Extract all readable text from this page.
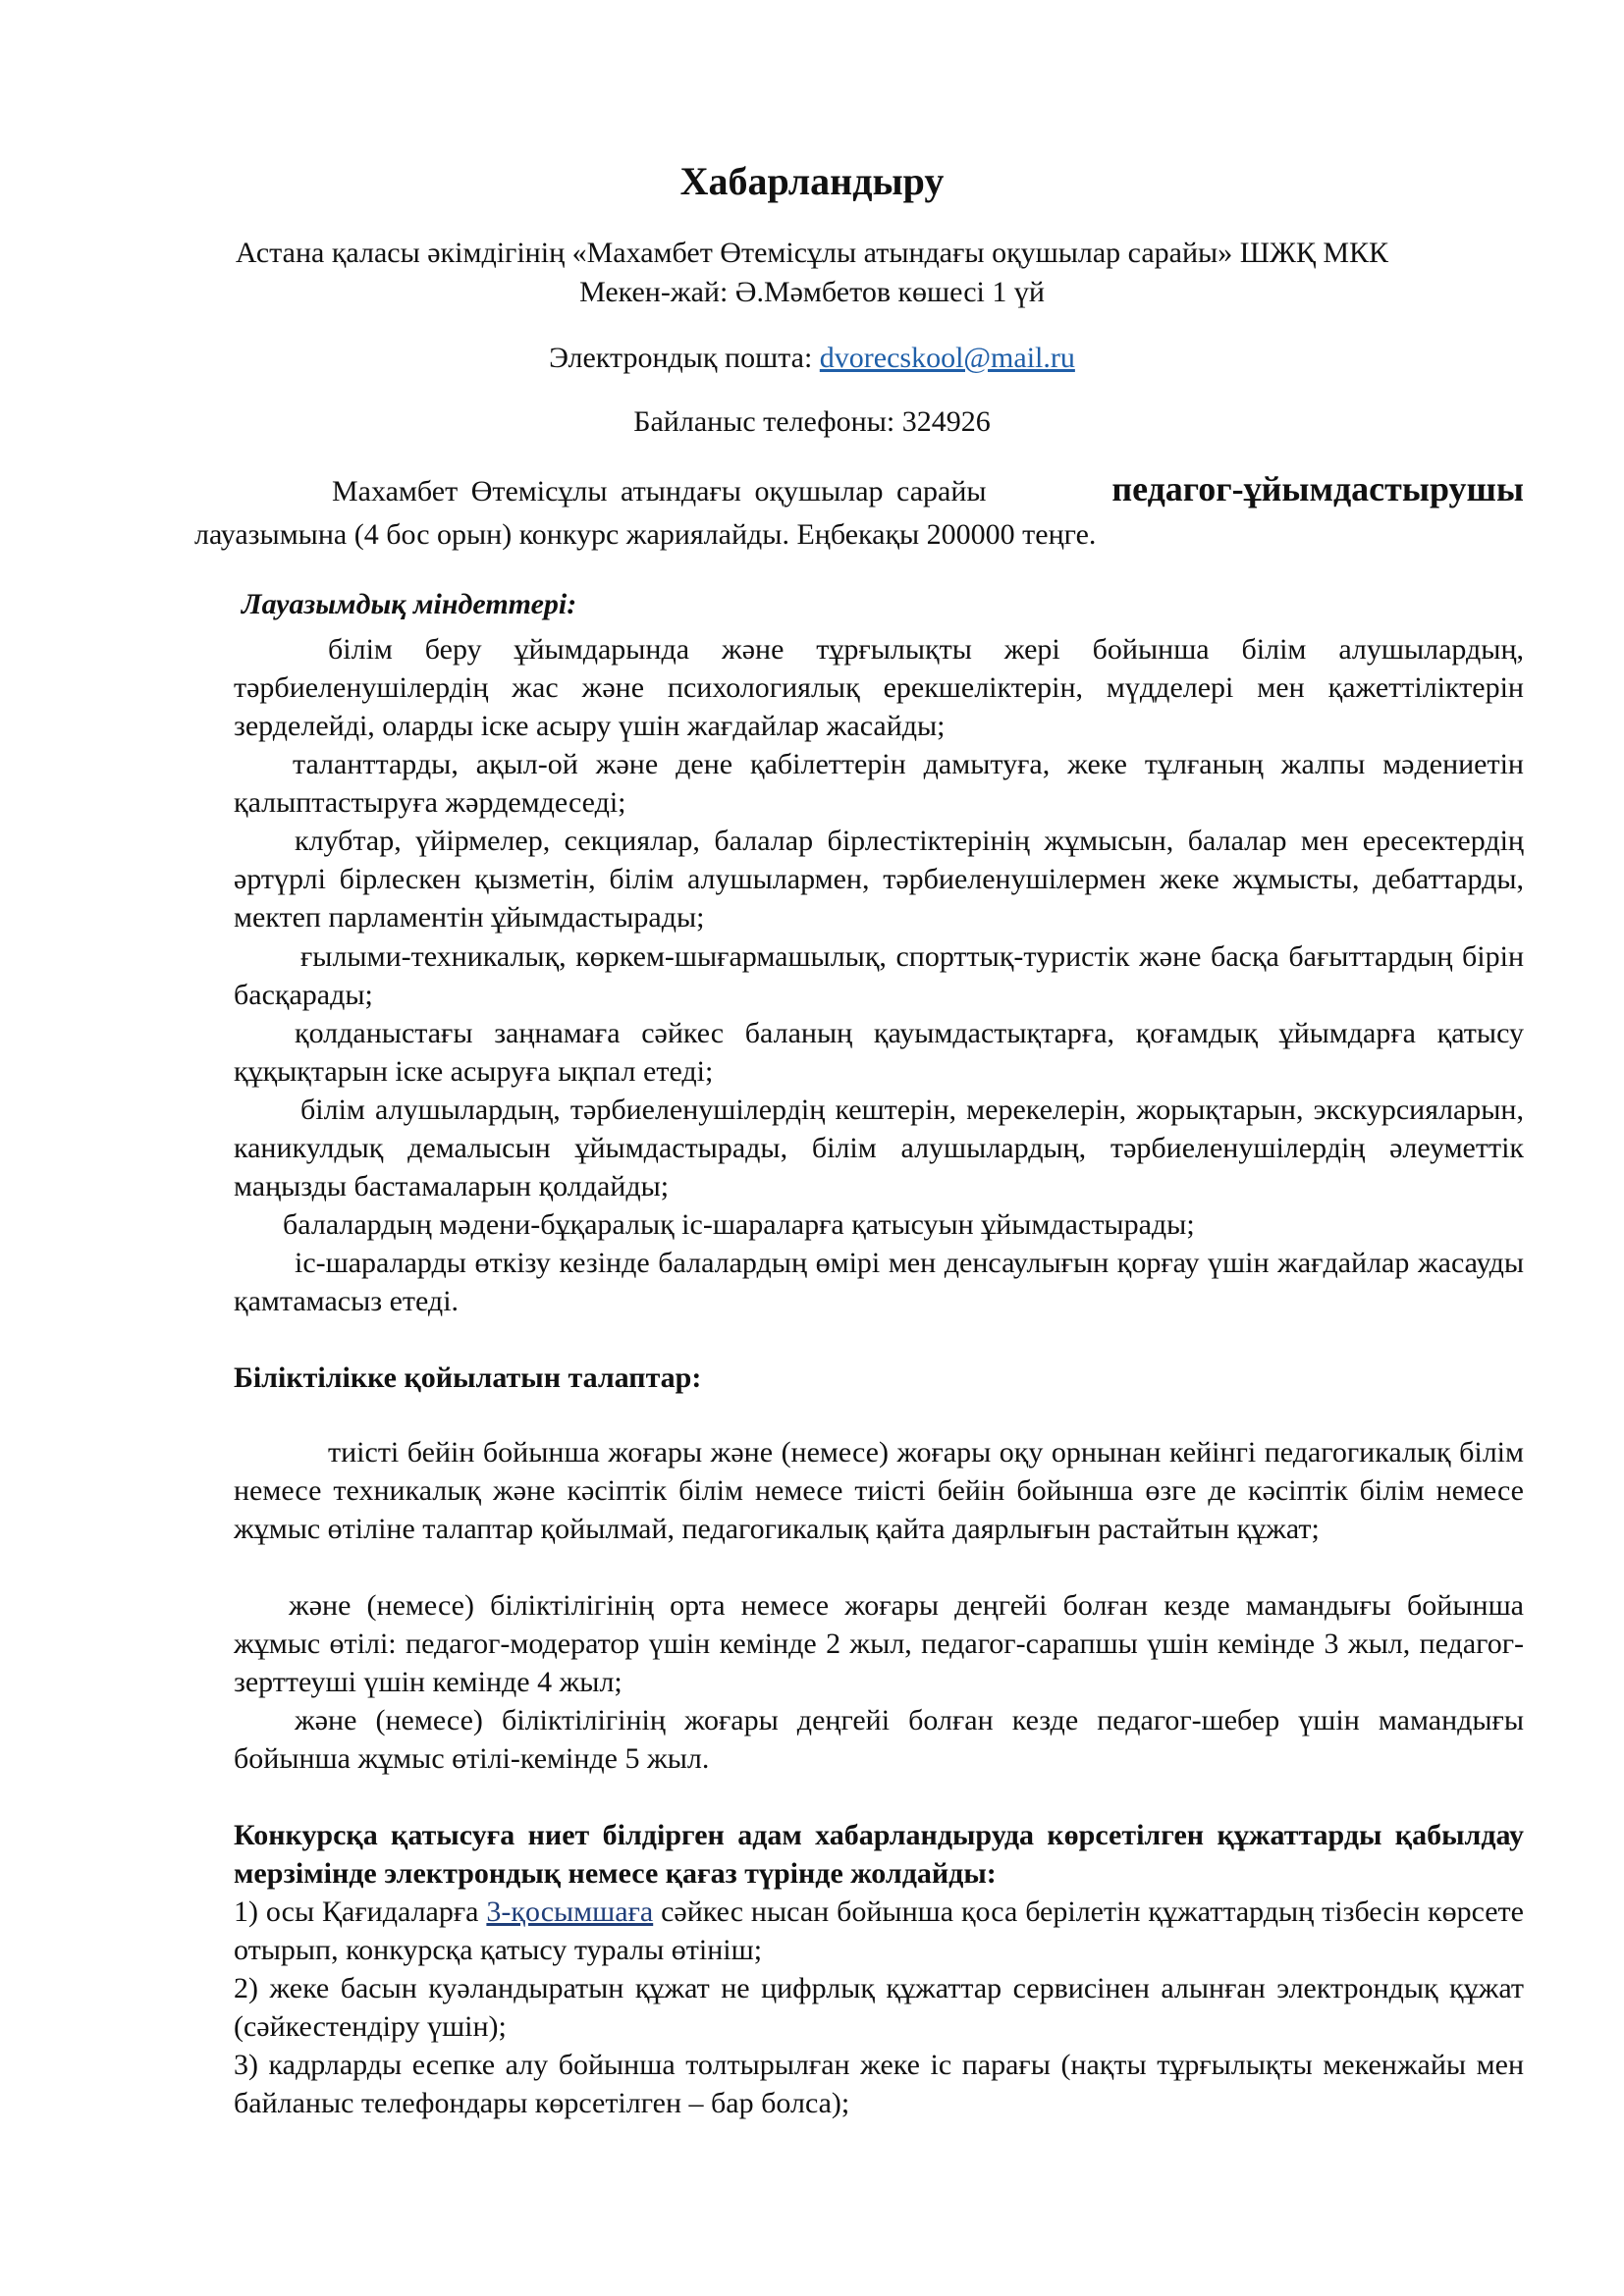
Хабарландыру

Астана қаласы әкімдігінің «Махамбет Өтемісұлы атындағы оқушылар сарайы» ШЖҚ МКК

Мекен-жай: Ә.Мәмбетов көшесі 1 үй

Электрондық пошта: dvorecskool@mail.ru

Байланыс телефоны: 324926

Махамбет Өтемісұлы атындағы оқушылар сарайы	педагог-ұйымдастырушы
лауазымына (4 бос орын) конкурс жариялайды. Еңбекақы 200000 теңге.

Лауазымдық міндеттері:

білім беру ұйымдарында және тұрғылықты жері бойынша білім алушылардың, тәрбиеленушілердің жас және психологиялық ерекшеліктерін, мүдделері мен қажеттіліктерін зерделейді, оларды іске асыру үшін жағдайлар жасайды;

таланттарды, ақыл-ой және дене қабілеттерін дамытуға, жеке тұлғаның жалпы мәдениетін қалыптастыруға жәрдемдеседі;

клубтар, үйірмелер, секциялар, балалар бірлестіктерінің жұмысын, балалар мен ересектердің әртүрлі бірлескен қызметін, білім алушылармен, тәрбиеленушілермен жеке жұмысты, дебаттарды, мектеп парламентін ұйымдастырады;

ғылыми-техникалық, көркем-шығармашылық, спорттық-туристік және басқа бағыттардың бірін басқарады;

қолданыстағы заңнамаға сәйкес баланың қауымдастықтарға, қоғамдық ұйымдарға қатысу құқықтарын іске асыруға ықпал етеді;

білім алушылардың, тәрбиеленушілердің кештерін, мерекелерін, жорықтарын, экскурсияларын, каникулдық демалысын ұйымдастырады, білім алушылардың, тәрбиеленушілердің әлеуметтік маңызды бастамаларын қолдайды;

балалардың мәдени-бұқаралық іс-шараларға қатысуын ұйымдастырады;

іс-шараларды өткізу кезінде балалардың өмірі мен денсаулығын қорғау үшін жағдайлар жасауды қамтамасыз етеді.

Біліктілікке қойылатын талаптар:

тиісті бейін бойынша жоғары және (немесе) жоғары оқу орнынан кейінгі педагогикалық білім немесе техникалық және кәсіптік білім немесе тиісті бейін бойынша өзге де кәсіптік білім немесе жұмыс өтіліне талаптар қойылмай, педагогикалық қайта даярлығын растайтын құжат;

және (немесе) біліктілігінің орта немесе жоғары деңгейі болған кезде мамандығы бойынша жұмыс өтілі: педагог-модератор үшін кемінде 2 жыл, педагог-сарапшы үшін кемінде 3 жыл, педагог-зерттеуші үшін кемінде 4 жыл;

және (немесе) біліктілігінің жоғары деңгейі болған кезде педагог-шебер үшін мамандығы бойынша жұмыс өтілі-кемінде 5 жыл.

Конкурсқа қатысуға ниет білдірген адам хабарландыруда көрсетілген құжаттарды қабылдау мерзімінде электрондық немесе қағаз түрінде жолдайды:

1) осы Қағидаларға 3-қосымшаға сәйкес нысан бойынша қоса берілетін құжаттардың тізбесін көрсете отырып, конкурсқа қатысу туралы өтініш;

2) жеке басын куәландыратын құжат не цифрлық құжаттар сервисінен алынған электрондық құжат (сәйкестендіру үшін);

3) кадрларды есепке алу бойынша толтырылған жеке іс парағы (нақты тұрғылықты мекенжайы мен байланыс телефондары көрсетілген – бар болса);
